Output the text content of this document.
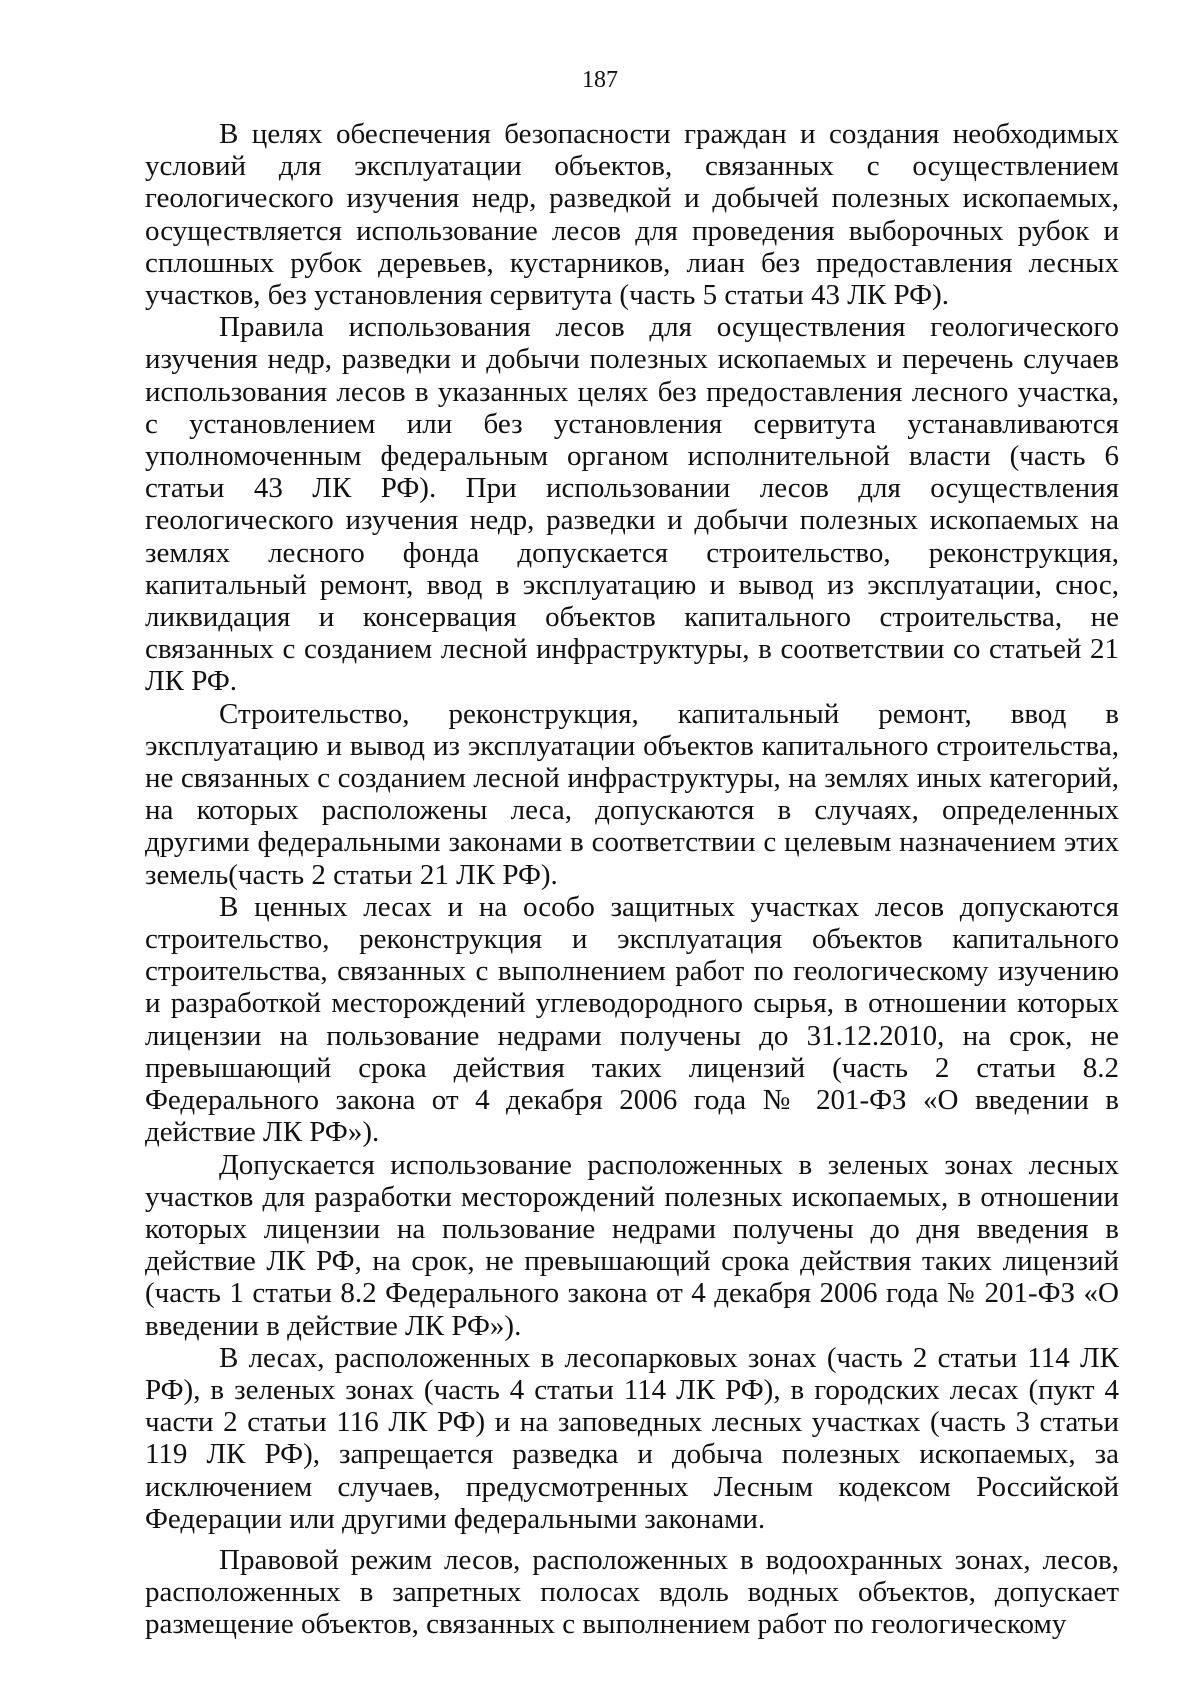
187

В целях обеспечения безопасности граждан и создания необходимых условий для эксплуатации объектов, связанных с осуществлением геологического изучения недр, разведкой и добычей полезных ископаемых, осуществляется использование лесов для проведения выборочных рубок и сплошных рубок деревьев, кустарников, лиан без предоставления лесных участков, без установления сервитута (часть 5 статьи 43 ЛК РФ).

Правила использования лесов для осуществления геологического изучения недр, разведки и добычи полезных ископаемых и перечень случаев использования лесов в указанных целях без предоставления лесного участка, с установлением или без установления сервитута устанавливаются уполномоченным федеральным органом исполнительной власти (часть 6 статьи 43 ЛК РФ). При использовании лесов для осуществления геологического изучения недр, разведки и добычи полезных ископаемых на землях лесного фонда допускается строительство, реконструкция, капитальный ремонт, ввод в эксплуатацию и вывод из эксплуатации, снос, ликвидация и консервация объектов капитального строительства, не связанных с созданием лесной инфраструктуры, в соответствии со статьей 21 ЛК РФ.

Строительство, реконструкция, капитальный ремонт, ввод в эксплуатацию и вывод из эксплуатации объектов капитального строительства, не связанных с созданием лесной инфраструктуры, на землях иных категорий, на которых расположены леса, допускаются в случаях, определенных другими федеральными законами в соответствии с целевым назначением этих земель(часть 2 статьи 21 ЛК РФ).

В ценных лесах и на особо защитных участках лесов допускаются строительство, реконструкция и эксплуатация объектов капитального строительства, связанных с выполнением работ по геологическому изучению и разработкой месторождений углеводородного сырья, в отношении которых лицензии на пользование недрами получены до 31.12.2010, на срок, не превышающий срока действия таких лицензий (часть 2 статьи 8.2 Федерального закона от 4 декабря 2006 года № 201-ФЗ «О введении в действие ЛК РФ»).

Допускается использование расположенных в зеленых зонах лесных участков для разработки месторождений полезных ископаемых, в отношении которых лицензии на пользование недрами получены до дня введения в действие ЛК РФ, на срок, не превышающий срока действия таких лицензий (часть 1 статьи 8.2 Федерального закона от 4 декабря 2006 года № 201-ФЗ «О введении в действие ЛК РФ»).

В лесах, расположенных в лесопарковых зонах (часть 2 статьи 114 ЛК РФ), в зеленых зонах (часть 4 статьи 114 ЛК РФ), в городских лесах (пукт 4 части 2 статьи 116 ЛК РФ) и на заповедных лесных участках (часть 3 статьи 119 ЛК РФ), запрещается разведка и добыча полезных ископаемых, за исключением случаев, предусмотренных Лесным кодексом Российской Федерации или другими федеральными законами.

Правовой режим лесов, расположенных в водоохранных зонах, лесов, расположенных в запретных полосах вдоль водных объектов, допускает размещение объектов, связанных с выполнением работ по геологическому
